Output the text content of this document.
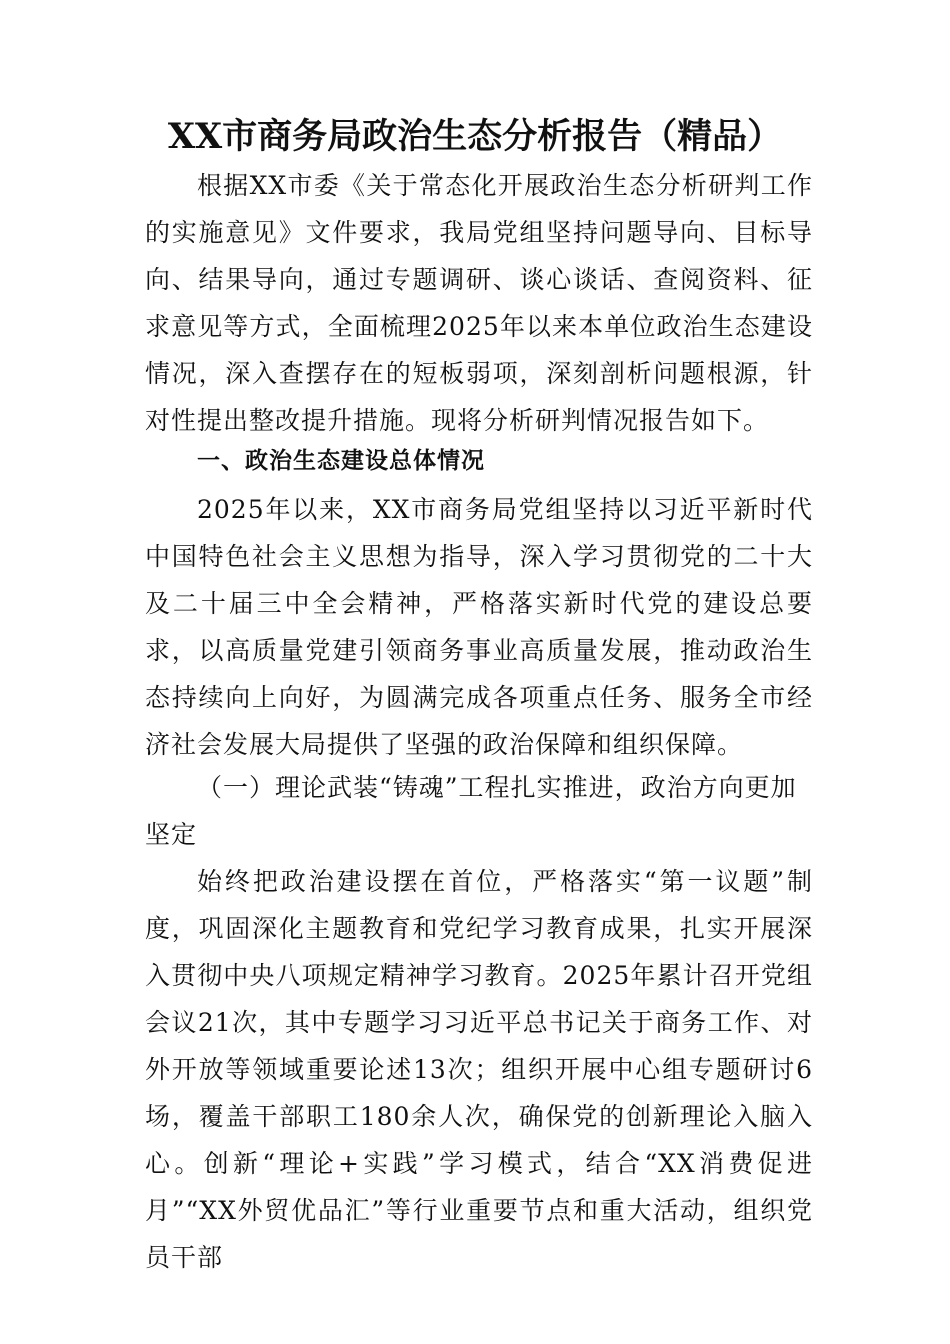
XX市商务局政治生态分析报告（精品）

根据XX市委《关于常态化开展政治生态分析研判工作的实施意见》文件要求，我局党组坚持问题导向、目标导向、结果导向，通过专题调研、谈心谈话、查阅资料、征求意见等方式，全面梳理2025年以来本单位政治生态建设情况，深入查摆存在的短板弱项，深刻剖析问题根源，针对性提出整改提升措施。现将分析研判情况报告如下。

一、政治生态建设总体情况

2025年以来，XX市商务局党组坚持以习近平新时代中国特色社会主义思想为指导，深入学习贯彻党的二十大及二十届三中全会精神，严格落实新时代党的建设总要求，以高质量党建引领商务事业高质量发展，推动政治生态持续向上向好，为圆满完成各项重点任务、服务全市经济社会发展大局提供了坚强的政治保障和组织保障。

（一）理论武装“铸魂”工程扎实推进，政治方向更加坚定

始终把政治建设摆在首位，严格落实“第一议题”制度，巩固深化主题教育和党纪学习教育成果，扎实开展深入贯彻中央八项规定精神学习教育。2025年累计召开党组会议21次，其中专题学习习近平总书记关于商务工作、对外开放等领域重要论述13次；组织开展中心组专题研讨6场，覆盖干部职工180余人次，确保党的创新理论入脑入心。创新“理论+实践”学习模式，结合“XX消费促进月”“XX外贸优品汇”等行业重要节点和重大活动，组织党员干部
